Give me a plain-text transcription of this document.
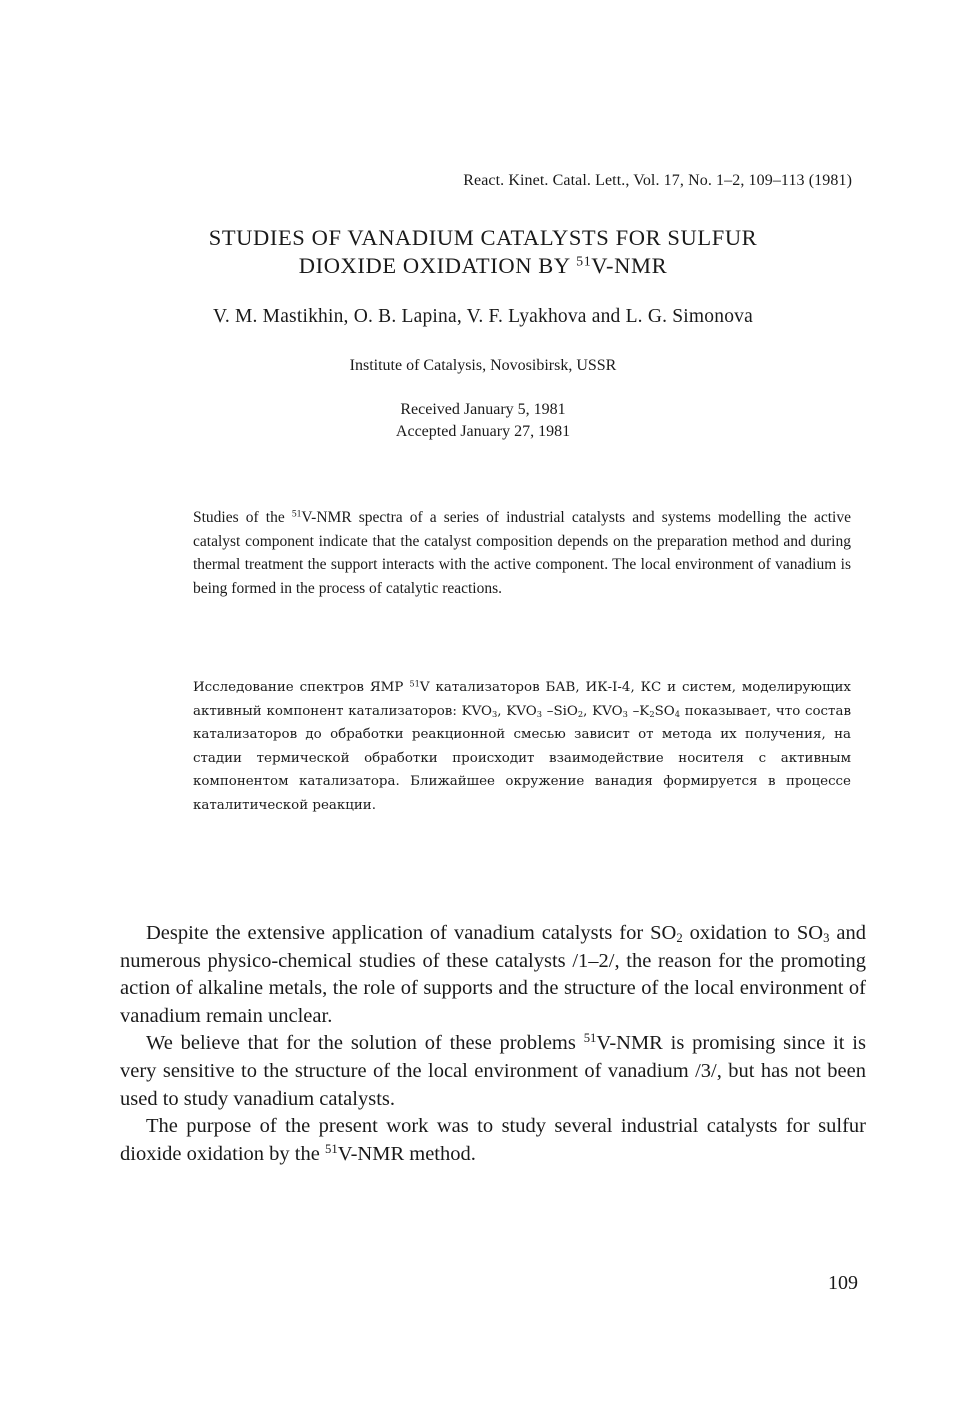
React. Kinet. Catal. Lett., Vol. 17, No. 1–2, 109–113 (1981)
STUDIES OF VANADIUM CATALYSTS FOR SULFUR
DIOXIDE OXIDATION BY $^{51}$V-NMR
V. M. Mastikhin, O. B. Lapina, V. F. Lyakhova and L. G. Simonova
Institute of Catalysis, Novosibirsk, USSR
Received January 5, 1981
Accepted January 27, 1981
Studies of the $^{51}$V-NMR spectra of a series of industrial catalysts and systems modelling the active catalyst component indicate that the catalyst composition depends on the preparation method and during thermal treatment the support interacts with the active component. The local environment of vanadium is being formed in the process of catalytic reactions.
Исследование спектров ЯМР $^{51}$V катализаторов БАВ, ИК-I-4, КС и систем, моделирующих активный компонент катализаторов: $KVO_3$, $KVO_3$ –SiO$_2$, $KVO_3$ $-K_2SO_4$ показывает, что состав катализаторов до обработки реакционной смесью зависит от метода их получения, на стадии термической обработки происходит взаимодействие носителя с активным компонентом катализатора. Ближайшее окружение ванадия формируется в процессе каталитической реакции.

Despite the extensive application of vanadium catalysts for $SO_2$ oxidation to $SO_3$ and numerous physico-chemical studies of these catalysts /1–2/, the reason for the promoting action of alkaline metals, the role of supports and the structure of the local environment of vanadium remain unclear.

We believe that for the solution of these problems $^{51}$V-NMR is promising since it is very sensitive to the structure of the local environment of vanadium /3/, but has not been used to study vanadium catalysts.

The purpose of the present work was to study several industrial catalysts for sulfur dioxide oxidation by the $^{51}$V-NMR method.

109
